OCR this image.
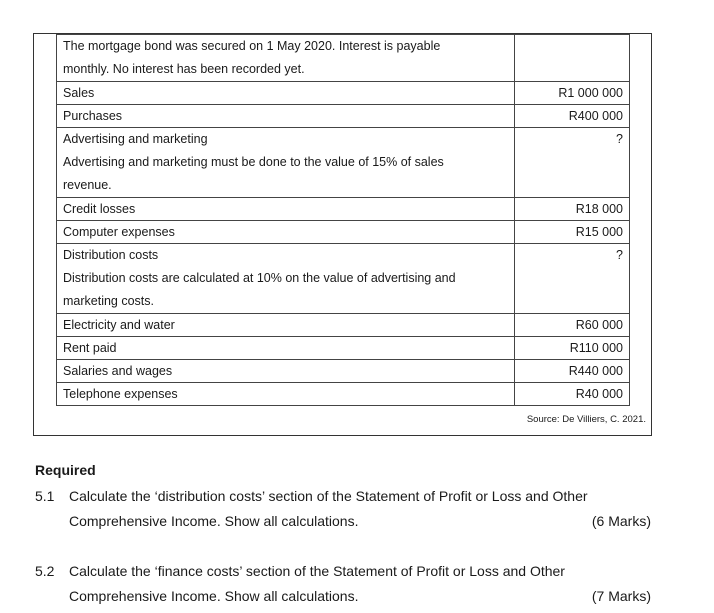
The mortgage bond was secured on 1 May 2020. Interest is payable monthly. No interest has been recorded yet.	

Sales	R1 000 000
Purchases	R400 000

Advertising and marketing
Advertising and marketing must be done to the value of 15% of sales revenue.	?
Credit losses	R18 000
Computer expenses	R15 000

Distribution costs
Distribution costs are calculated at 10% on the value of advertising and marketing costs.	?
Electricity and water	R60 000
Rent paid	R110 000
Salaries and wages	R440 000
Telephone expenses	R40 000
Source: De Villiers, C. 2021.
Required
5.1 Calculate the ‘distribution costs’ section of the Statement of Profit or Loss and Other
Comprehensive Income. Show all calculations.	(6 Marks)
5.2 Calculate the ‘finance costs’ section of the Statement of Profit or Loss and Other
Comprehensive Income. Show all calculations.	(7 Marks)
